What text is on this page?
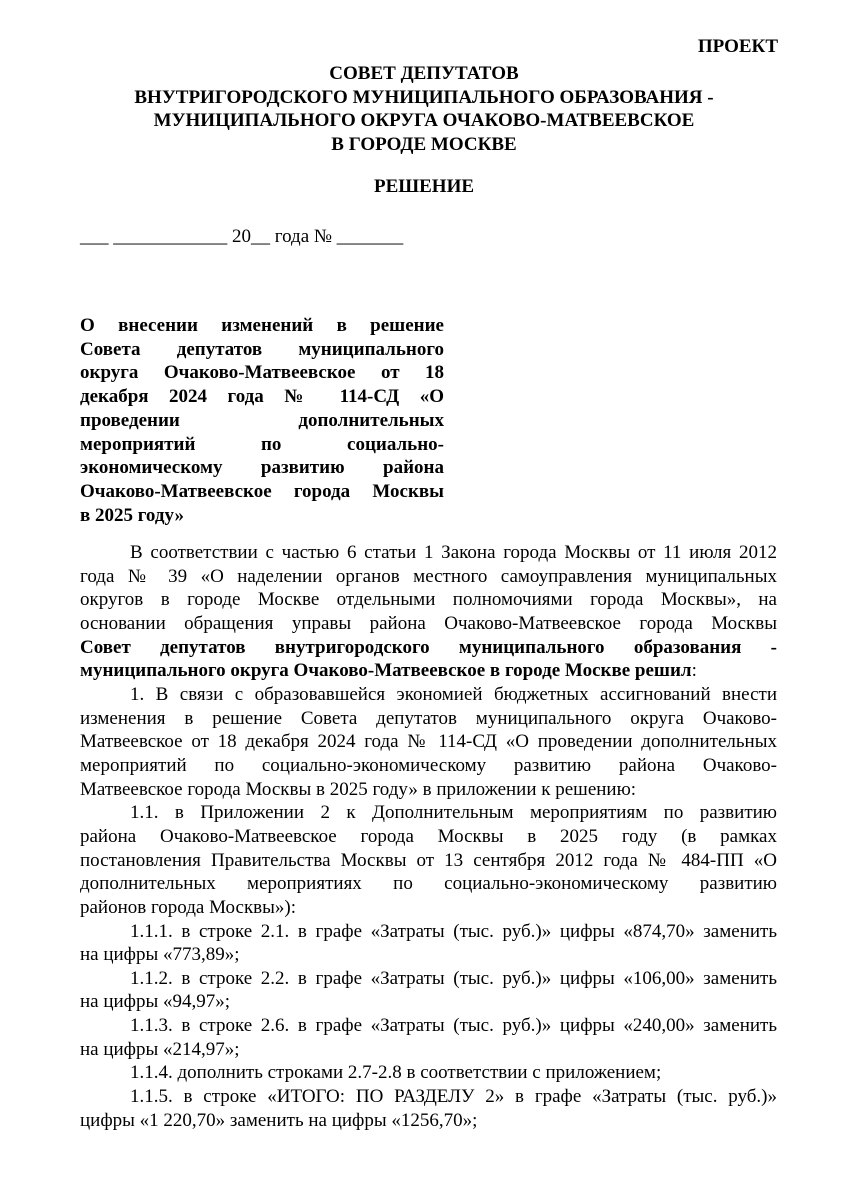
ПРОЕКТ
СОВЕТ ДЕПУТАТОВ
ВНУТРИГОРОДСКОГО МУНИЦИПАЛЬНОГО ОБРАЗОВАНИЯ -
МУНИЦИПАЛЬНОГО ОКРУГА ОЧАКОВО-МАТВЕЕВСКОЕ
В ГОРОДЕ МОСКВЕ
РЕШЕНИЕ
___ ____________ 20__ года № _______
О внесении изменений в решение
Совета депутатов муниципального
округа Очаково-Матвеевское от 18
декабря 2024 года № 114-СД «О
проведении дополнительных
мероприятий по социально-
экономическому развитию района
Очаково-Матвеевское города Москвы
в 2025 году»
В соответствии с частью 6 статьи 1 Закона города Москвы от 11 июля 2012
года № 39 «О наделении органов местного самоуправления муниципальных
округов в городе Москве отдельными полномочиями города Москвы», на
основании обращения управы района Очаково-Матвеевское города Москвы
Совет депутатов внутригородского муниципального образования -
муниципального округа Очаково-Матвеевское в городе Москве решил:
1. В связи с образовавшейся экономией бюджетных ассигнований внести
изменения в решение Совета депутатов муниципального округа Очаково-
Матвеевское от 18 декабря 2024 года № 114-СД «О проведении дополнительных
мероприятий по социально-экономическому развитию района Очаково-
Матвеевское города Москвы в 2025 году» в приложении к решению:
1.1. в Приложении 2 к Дополнительным мероприятиям по развитию
района Очаково-Матвеевское города Москвы в 2025 году (в рамках
постановления Правительства Москвы от 13 сентября 2012 года № 484-ПП «О
дополнительных мероприятиях по социально-экономическому развитию
районов города Москвы»):
1.1.1. в строке 2.1. в графе «Затраты (тыс. руб.)» цифры «874,70» заменить
на цифры «773,89»;
1.1.2. в строке 2.2. в графе «Затраты (тыс. руб.)» цифры «106,00» заменить
на цифры «94,97»;
1.1.3. в строке 2.6. в графе «Затраты (тыс. руб.)» цифры «240,00» заменить
на цифры «214,97»;
1.1.4. дополнить строками 2.7-2.8 в соответствии с приложением;
1.1.5. в строке «ИТОГО: ПО РАЗДЕЛУ 2» в графе «Затраты (тыс. руб.)»
цифры «1 220,70» заменить на цифры «1256,70»;
